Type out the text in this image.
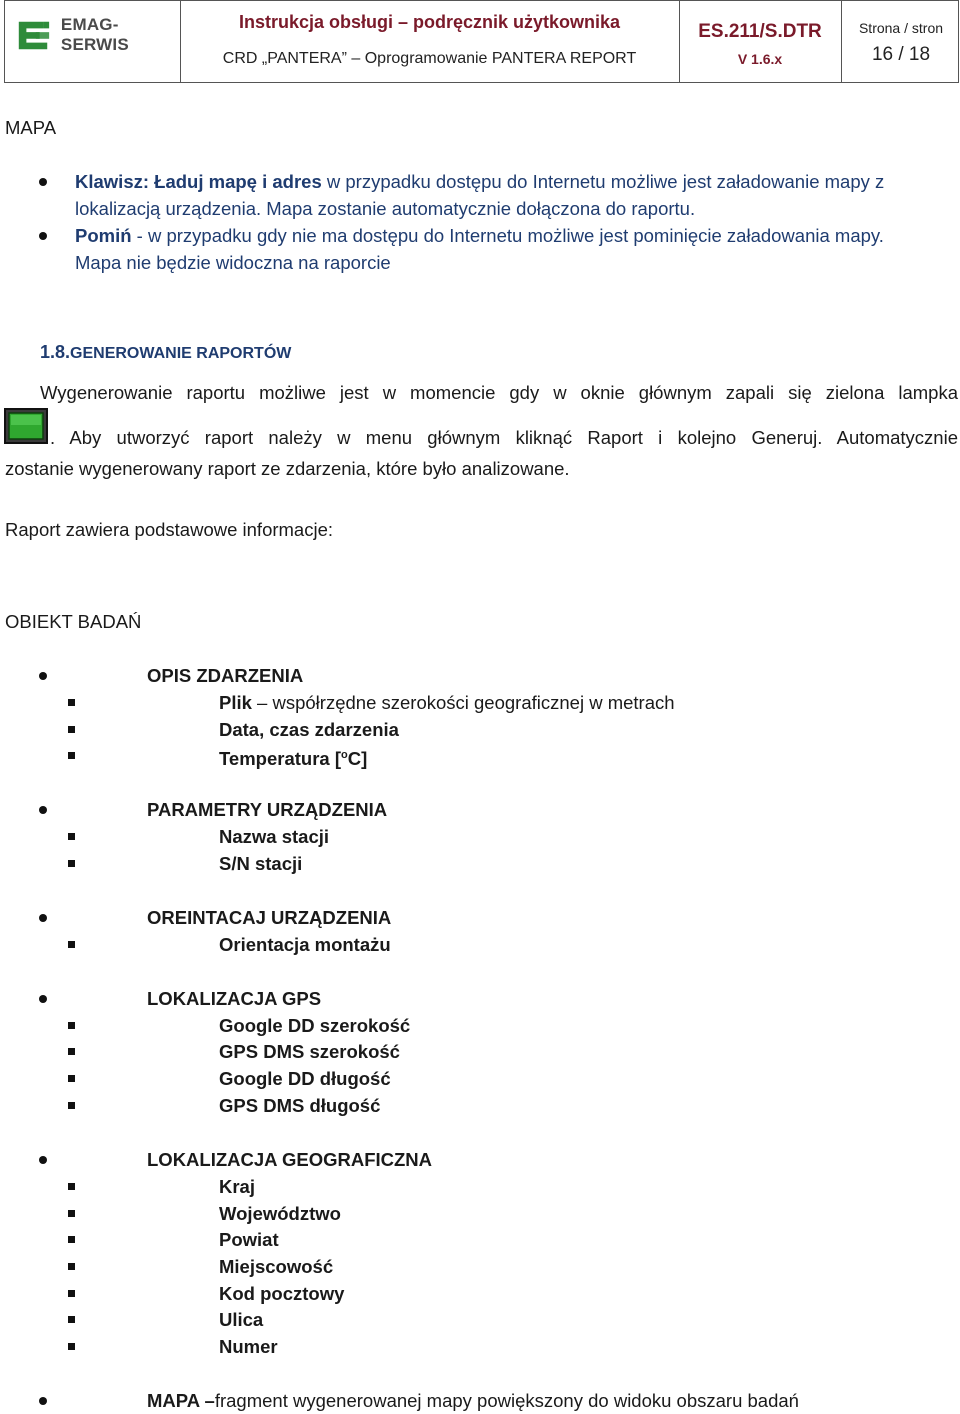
EMAG-SERWIS
Instrukcja obsługi – podręcznik użytkownika
CRD „PANTERA” – Oprogramowanie PANTERA REPORT
ES.211/S.DTR
V 1.6.x
Strona / stron
16 / 18
MAPA
Klawisz: Ładuj mapę i adres w przypadku dostępu do Internetu możliwe jest załadowanie mapy z
lokalizacją urządzenia. Mapa zostanie automatycznie dołączona do raportu.
Pomiń - w przypadku gdy nie ma dostępu do Internetu możliwe jest pominięcie załadowania mapy.
Mapa nie będzie widoczna na raporcie
1.8.GENEROWANIE RAPORTÓW
Wygenerowanie raportu możliwe jest w momencie gdy w oknie głównym zapali się zielona lampka
. Aby utworzyć raport należy w menu głównym kliknąć Raport i kolejno Generuj. Automatycznie
zostanie wygenerowany raport ze zdarzenia, które było analizowane.
Raport zawiera podstawowe informacje:
OBIEKT BADAŃ
OPIS ZDARZENIA
Plik – współrzędne szerokości geograficznej w metrach
Data, czas zdarzenia
Temperatura [$^o$C]
PARAMETRY URZĄDZENIA
Nazwa stacji
S/N stacji
OREINTACAJ URZĄDZENIA
Orientacja montażu
LOKALIZACJA GPS
Google DD szerokość
GPS DMS szerokość
Google DD długość
GPS DMS długość
LOKALIZACJA GEOGRAFICZNA
Kraj
Województwo
Powiat
Miejscowość
Kod pocztowy
Ulica
Numer
MAPA –fragment wygenerowanej mapy powiększony do widoku obszaru badań
